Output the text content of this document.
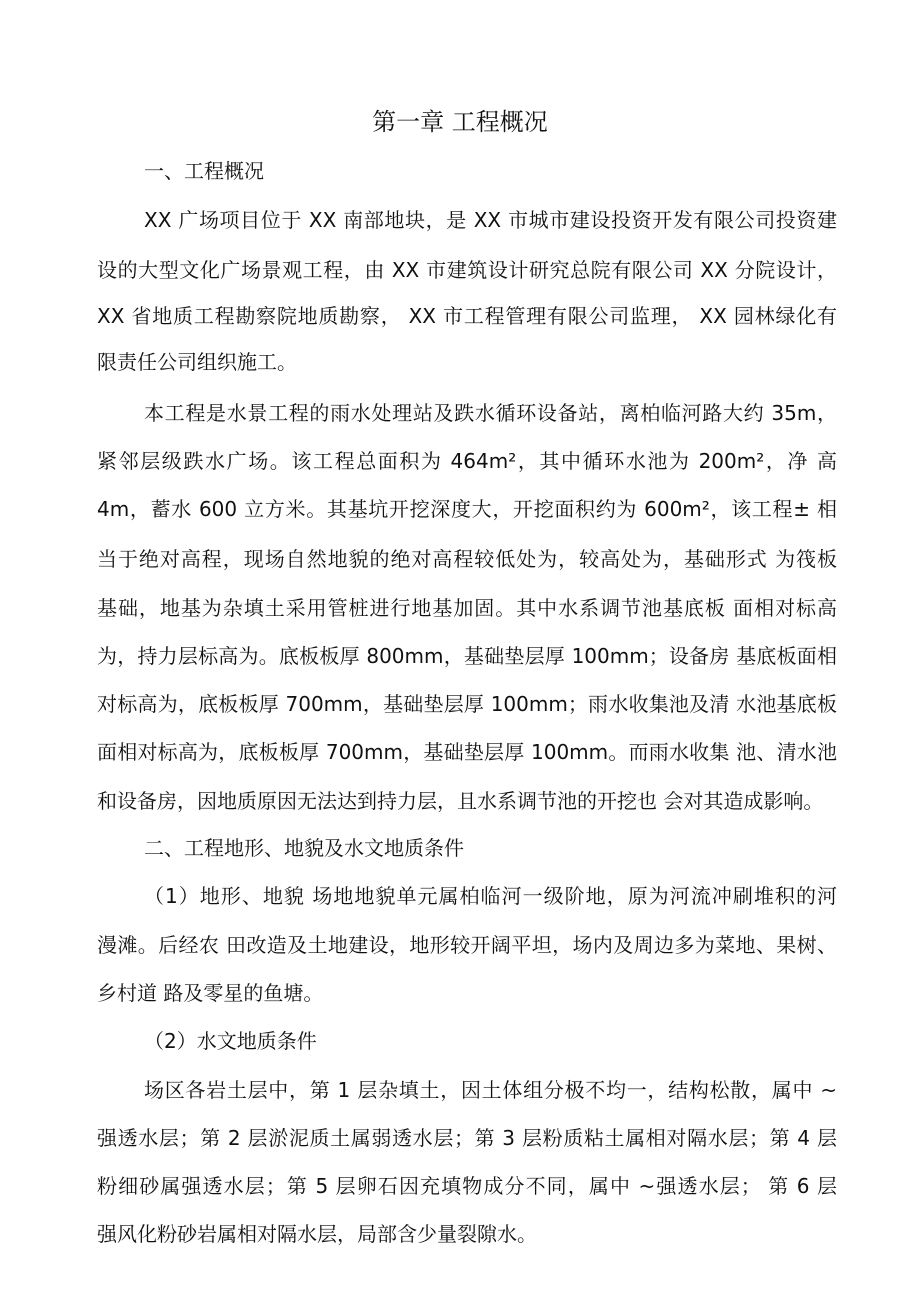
第一章 工程概况
一、工程概况

XX 广场项目位于 XX 南部地块，是 XX 市城市建设投资开发有限公司投资建

设的大型文化广场景观工程，由 XX 市建筑设计研究总院有限公司 XX 分院设计，

XX 省地质工程勘察院地质勘察， XX 市工程管理有限公司监理， XX 园林绿化有

限责任公司组织施工。

本工程是水景工程的雨水处理站及跌水循环设备站，离柏临河路大约 35m，

紧邻层级跌水广场。该工程总面积为 464m²，其中循环水池为 200m²，净 高

4m，蓄水 600 立方米。其基坑开挖深度大，开挖面积约为 600m²，该工程± 相

当于绝对高程，现场自然地貌的绝对高程较低处为，较高处为，基础形式 为筏板

基础，地基为杂填土采用管桩进行地基加固。其中水系调节池基底板 面相对标高

为，持力层标高为。底板板厚 800mm，基础垫层厚 100mm；设备房 基底板面相

对标高为，底板板厚 700mm，基础垫层厚 100mm；雨水收集池及清 水池基底板

面相对标高为，底板板厚 700mm，基础垫层厚 100mm。而雨水收集 池、清水池

和设备房，因地质原因无法达到持力层，且水系调节池的开挖也 会对其造成影响。

二、工程地形、地貌及水文地质条件

（1）地形、地貌 场地地貌单元属柏临河一级阶地，原为河流冲刷堆积的河

漫滩。后经农 田改造及土地建设，地形较开阔平坦，场内及周边多为菜地、果树、

乡村道 路及零星的鱼塘。

（2）水文地质条件

场区各岩土层中，第 1 层杂填土，因土体组分极不均一，结构松散，属中 ~

强透水层；第 2 层淤泥质土属弱透水层；第 3 层粉质粘土属相对隔水层；第 4 层

粉细砂属强透水层；第 5 层卵石因充填物成分不同，属中 ~强透水层； 第 6 层

强风化粉砂岩属相对隔水层，局部含少量裂隙水。
